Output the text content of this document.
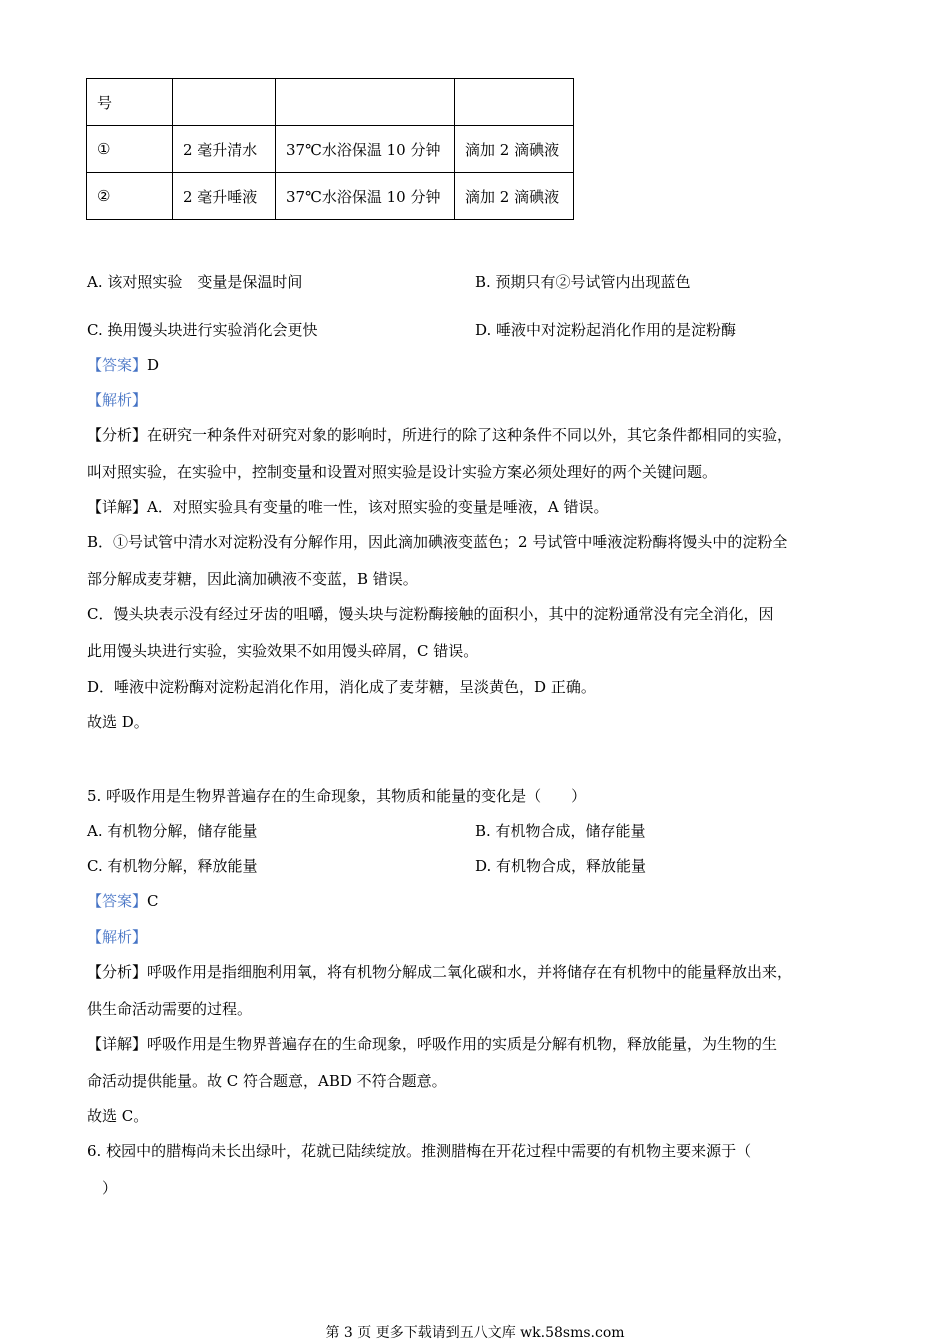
号			
①	2 毫升清水	37℃水浴保温 10 分钟	滴加 2 滴碘液
②	2 毫升唾液	37℃水浴保温 10 分钟	滴加 2 滴碘液
A. 该对照实验　变量是保温时间	B. 预期只有②号试管内出现蓝色
C. 换用馒头块进行实验消化会更快	D. 唾液中对淀粉起消化作用的是淀粉酶
【答案】D
【解析】
【分析】在研究一种条件对研究对象的影响时，所进行的除了这种条件不同以外，其它条件都相同的实验，
叫对照实验，在实验中，控制变量和设置对照实验是设计实验方案必须处理好的两个关键问题。
【详解】A．对照实验具有变量的唯一性，该对照实验的变量是唾液，A 错误。
B．①号试管中清水对淀粉没有分解作用，因此滴加碘液变蓝色；2 号试管中唾液淀粉酶将馒头中的淀粉全
部分解成麦芽糖，因此滴加碘液不变蓝，B 错误。
C．馒头块表示没有经过牙齿的咀嚼，馒头块与淀粉酶接触的面积小，其中的淀粉通常没有完全消化，因
此用馒头块进行实验，实验效果不如用馒头碎屑，C 错误。
D．唾液中淀粉酶对淀粉起消化作用，消化成了麦芽糖，呈淡黄色，D 正确。
故选 D。
5. 呼吸作用是生物界普遍存在的生命现象，其物质和能量的变化是（　　）
A. 有机物分解，储存能量	B. 有机物合成，储存能量
C. 有机物分解，释放能量	D. 有机物合成，释放能量
【答案】C
【解析】
【分析】呼吸作用是指细胞利用氧，将有机物分解成二氧化碳和水，并将储存在有机物中的能量释放出来，
供生命活动需要的过程。
【详解】呼吸作用是生物界普遍存在的生命现象，呼吸作用的实质是分解有机物，释放能量，为生物的生
命活动提供能量。故 C 符合题意，ABD 不符合题意。
故选 C。
6. 校园中的腊梅尚未长出绿叶，花就已陆续绽放。推测腊梅在开花过程中需要的有机物主要来源于（
　）
第 3 页 更多下载请到五八文库 wk.58sms.com
